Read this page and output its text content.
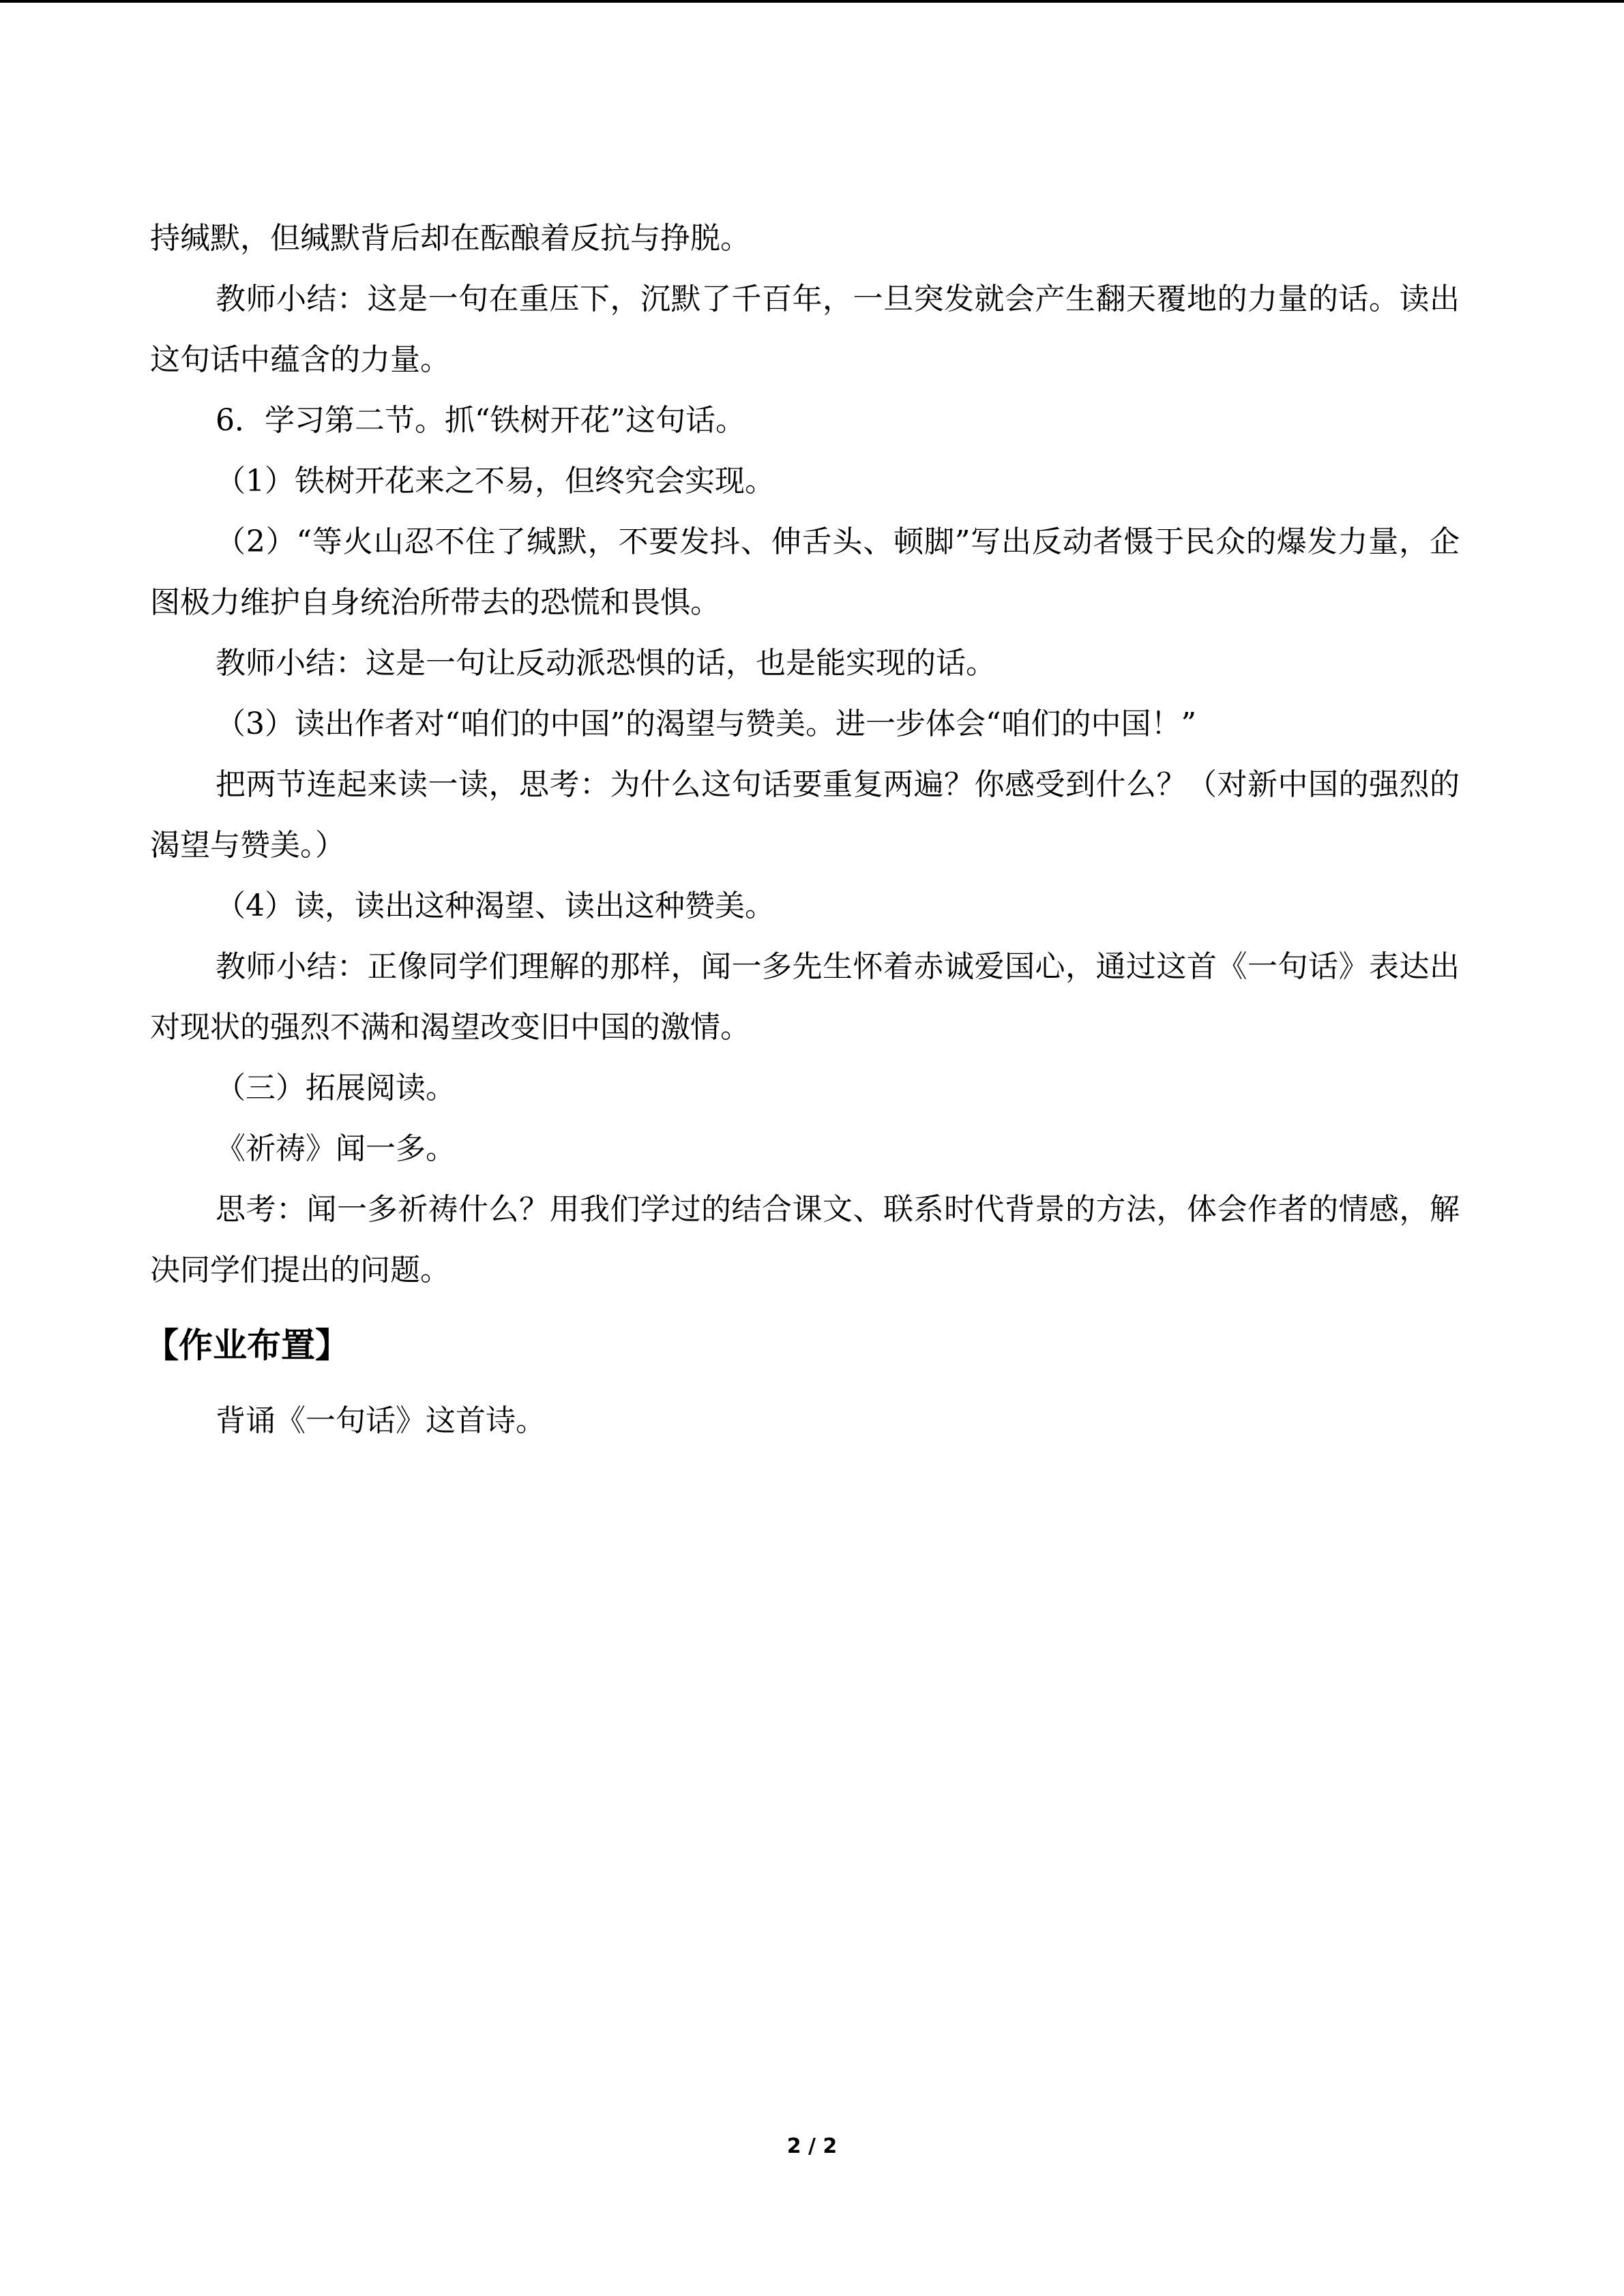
持缄默，但缄默背后却在酝酿着反抗与挣脱。

教师小结：这是一句在重压下，沉默了千百年，一旦突发就会产生翻天覆地的力量的话。读出这句话中蕴含的力量。

6．学习第二节。抓“铁树开花”这句话。

（1）铁树开花来之不易，但终究会实现。

（2）“等火山忍不住了缄默，不要发抖、伸舌头、顿脚”写出反动者慑于民众的爆发力量，企图极力维护自身统治所带去的恐慌和畏惧。

教师小结：这是一句让反动派恐惧的话，也是能实现的话。

（3）读出作者对“咱们的中国”的渴望与赞美。进一步体会“咱们的中国！”

把两节连起来读一读，思考：为什么这句话要重复两遍？你感受到什么？（对新中国的强烈的渴望与赞美。）

（4）读，读出这种渴望、读出这种赞美。

教师小结：正像同学们理解的那样，闻一多先生怀着赤诚爱国心，通过这首《一句话》表达出对现状的强烈不满和渴望改变旧中国的激情。

（三）拓展阅读。

《祈祷》闻一多。

思考：闻一多祈祷什么？用我们学过的结合课文、联系时代背景的方法，体会作者的情感，解决同学们提出的问题。

【作业布置】

背诵《一句话》这首诗。

2 / 2
